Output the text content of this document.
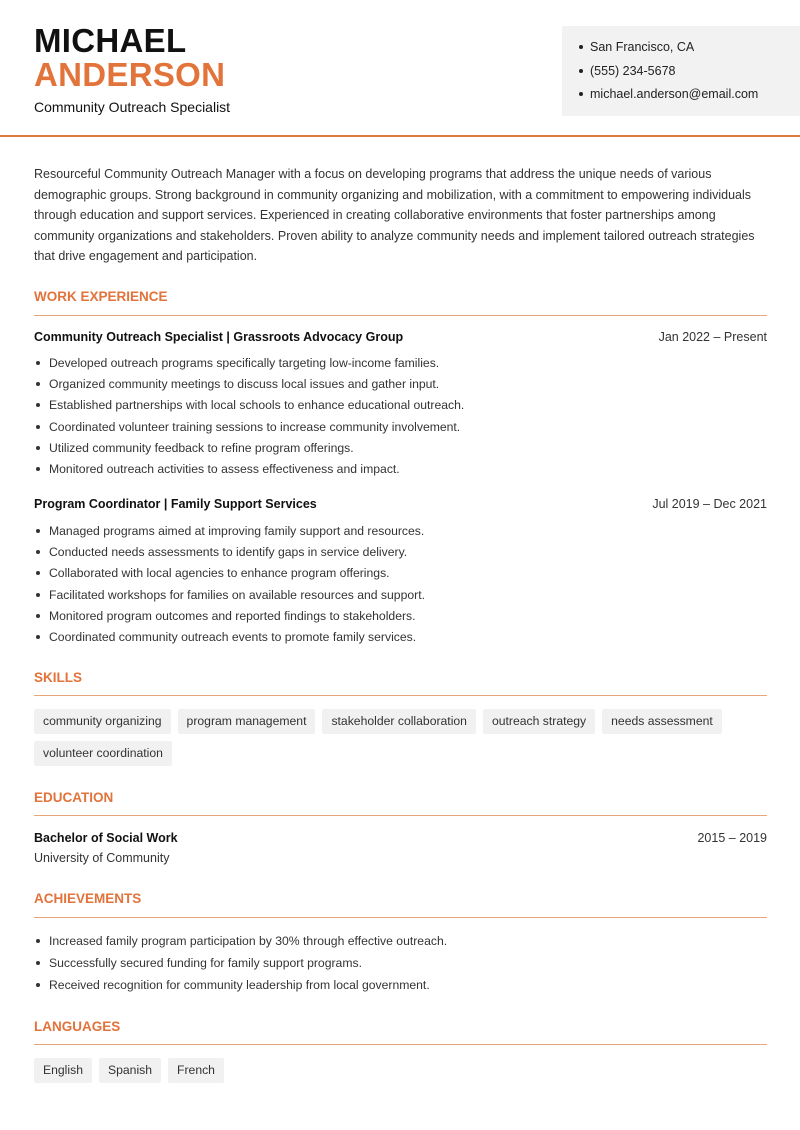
MICHAEL
ANDERSON
Community Outreach Specialist
San Francisco, CA
(555) 234-5678
michael.anderson@email.com

Resourceful Community Outreach Manager with a focus on developing programs that address the unique needs of various demographic groups. Strong background in community organizing and mobilization, with a commitment to empowering individuals through education and support services. Experienced in creating collaborative environments that foster partnerships among community organizations and stakeholders. Proven ability to analyze community needs and implement tailored outreach strategies that drive engagement and participation.

WORK EXPERIENCE
Community Outreach Specialist | Grassroots Advocacy Group	Jan 2022 – Present
Developed outreach programs specifically targeting low-income families.
Organized community meetings to discuss local issues and gather input.
Established partnerships with local schools to enhance educational outreach.
Coordinated volunteer training sessions to increase community involvement.
Utilized community feedback to refine program offerings.
Monitored outreach activities to assess effectiveness and impact.
Program Coordinator | Family Support Services	Jul 2019 – Dec 2021
Managed programs aimed at improving family support and resources.
Conducted needs assessments to identify gaps in service delivery.
Collaborated with local agencies to enhance program offerings.
Facilitated workshops for families on available resources and support.
Monitored program outcomes and reported findings to stakeholders.
Coordinated community outreach events to promote family services.
SKILLS
community organizing	program management	stakeholder collaboration	outreach strategy	needs assessment
volunteer coordination
EDUCATION
Bachelor of Social Work	2015 – 2019
University of Community
ACHIEVEMENTS
Increased family program participation by 30% through effective outreach.
Successfully secured funding for family support programs.
Received recognition for community leadership from local government.
LANGUAGES
English	Spanish	French
